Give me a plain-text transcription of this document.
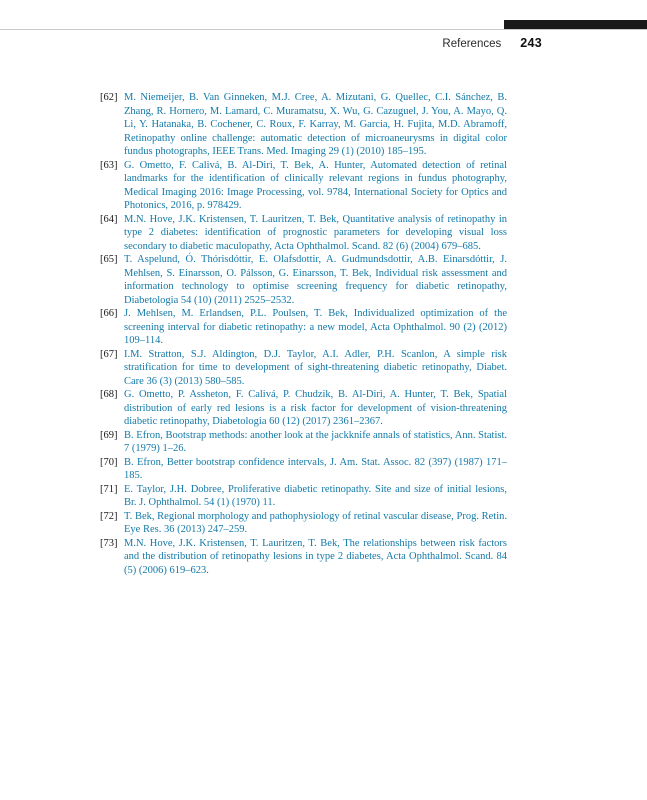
References 243
[62] M. Niemeijer, B. Van Ginneken, M.J. Cree, A. Mizutani, G. Quellec, C.I. Sánchez, B. Zhang, R. Hornero, M. Lamard, C. Muramatsu, X. Wu, G. Cazuguel, J. You, A. Mayo, Q. Li, Y. Hatanaka, B. Cochener, C. Roux, F. Karray, M. Garcia, H. Fujita, M.D. Abramoff, Retinopathy online challenge: automatic detection of microaneurysms in digital color fundus photographs, IEEE Trans. Med. Imaging 29 (1) (2010) 185–195.
[63] G. Ometto, F. Calivá, B. Al-Diri, T. Bek, A. Hunter, Automated detection of retinal landmarks for the identification of clinically relevant regions in fundus photography, Medical Imaging 2016: Image Processing, vol. 9784, International Society for Optics and Photonics, 2016, p. 978429.
[64] M.N. Hove, J.K. Kristensen, T. Lauritzen, T. Bek, Quantitative analysis of retinopathy in type 2 diabetes: identification of prognostic parameters for developing visual loss secondary to diabetic maculopathy, Acta Ophthalmol. Scand. 82 (6) (2004) 679–685.
[65] T. Aspelund, Ó. Thórisdóttir, E. Olafsdottir, A. Gudmundsdottir, A.B. Einarsdóttir, J. Mehlsen, S. Einarsson, O. Pálsson, G. Einarsson, T. Bek, Individual risk assessment and information technology to optimise screening frequency for diabetic retinopathy, Diabetologia 54 (10) (2011) 2525–2532.
[66] J. Mehlsen, M. Erlandsen, P.L. Poulsen, T. Bek, Individualized optimization of the screening interval for diabetic retinopathy: a new model, Acta Ophthalmol. 90 (2) (2012) 109–114.
[67] I.M. Stratton, S.J. Aldington, D.J. Taylor, A.I. Adler, P.H. Scanlon, A simple risk stratification for time to development of sight-threatening diabetic retinopathy, Diabet. Care 36 (3) (2013) 580–585.
[68] G. Ometto, P. Assheton, F. Calivá, P. Chudzik, B. Al-Diri, A. Hunter, T. Bek, Spatial distribution of early red lesions is a risk factor for development of vision-threatening diabetic retinopathy, Diabetologia 60 (12) (2017) 2361–2367.
[69] B. Efron, Bootstrap methods: another look at the jackknife annals of statistics, Ann. Statist. 7 (1979) 1–26.
[70] B. Efron, Better bootstrap confidence intervals, J. Am. Stat. Assoc. 82 (397) (1987) 171–185.
[71] E. Taylor, J.H. Dobree, Proliferative diabetic retinopathy. Site and size of initial lesions, Br. J. Ophthalmol. 54 (1) (1970) 11.
[72] T. Bek, Regional morphology and pathophysiology of retinal vascular disease, Prog. Retin. Eye Res. 36 (2013) 247–259.
[73] M.N. Hove, J.K. Kristensen, T. Lauritzen, T. Bek, The relationships between risk factors and the distribution of retinopathy lesions in type 2 diabetes, Acta Ophthalmol. Scand. 84 (5) (2006) 619–623.
